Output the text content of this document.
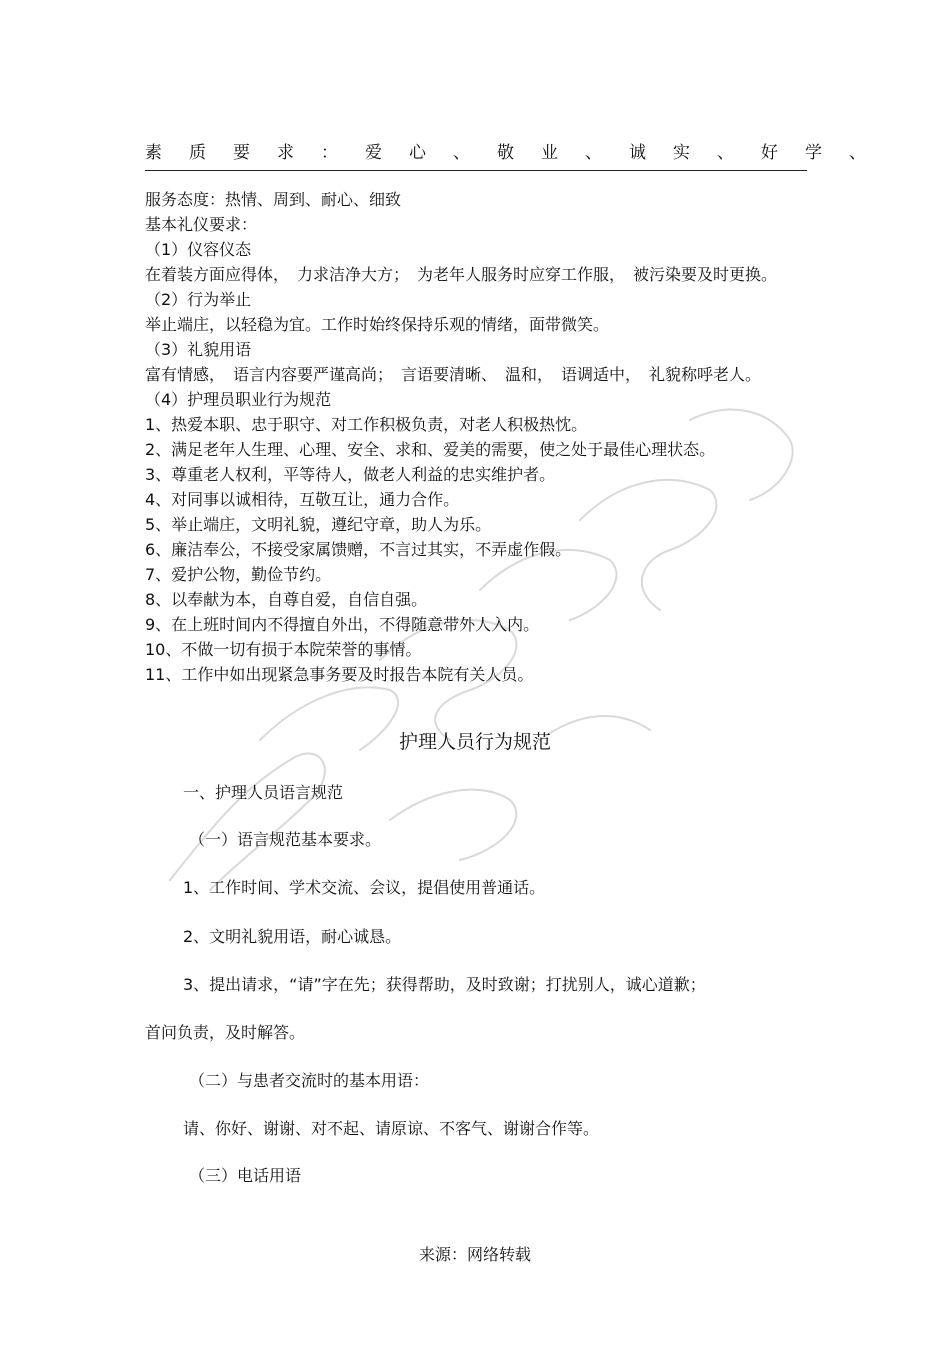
素质要求：爱心、敬业、诚实、好学、
服务态度：热情、周到、耐心、细致
基本礼仪要求：
（1）仪容仪态
在着装方面应得体，　力求洁净大方；　为老年人服务时应穿工作服，　被污染要及时更换。
（2）行为举止
举止端庄，以轻稳为宜。工作时始终保持乐观的情绪，面带微笑。
（3）礼貌用语
富有情感，　语言内容要严谨高尚；　言语要清晰、　温和，　语调适中，　礼貌称呼老人。
（4）护理员职业行为规范
1、热爱本职、忠于职守、对工作积极负责，对老人积极热忱。
2、满足老年人生理、心理、安全、求和、爱美的需要，使之处于最佳心理状态。
3、尊重老人权利，平等待人，做老人利益的忠实维护者。
4、对同事以诚相待，互敬互让，通力合作。
5、举止端庄，文明礼貌，遵纪守章，助人为乐。
6、廉洁奉公，不接受家属馈赠，不言过其实，不弄虚作假。
7、爱护公物，勤俭节约。
8、以奉献为本，自尊自爱，自信自强。
9、在上班时间内不得擅自外出，不得随意带外人入内。
10、不做一切有损于本院荣誉的事情。
11、工作中如出现紧急事务要及时报告本院有关人员。
护理人员行为规范
一、护理人员语言规范
（一）语言规范基本要求。
1、工作时间、学术交流、会议，提倡使用普通话。
2、文明礼貌用语，耐心诚恳。
3、提出请求，“请”字在先；获得帮助，及时致谢；打扰别人，诚心道歉；
首问负责，及时解答。
（二）与患者交流时的基本用语：
请、你好、谢谢、对不起、请原谅、不客气、谢谢合作等。
（三）电话用语
来源：网络转载
